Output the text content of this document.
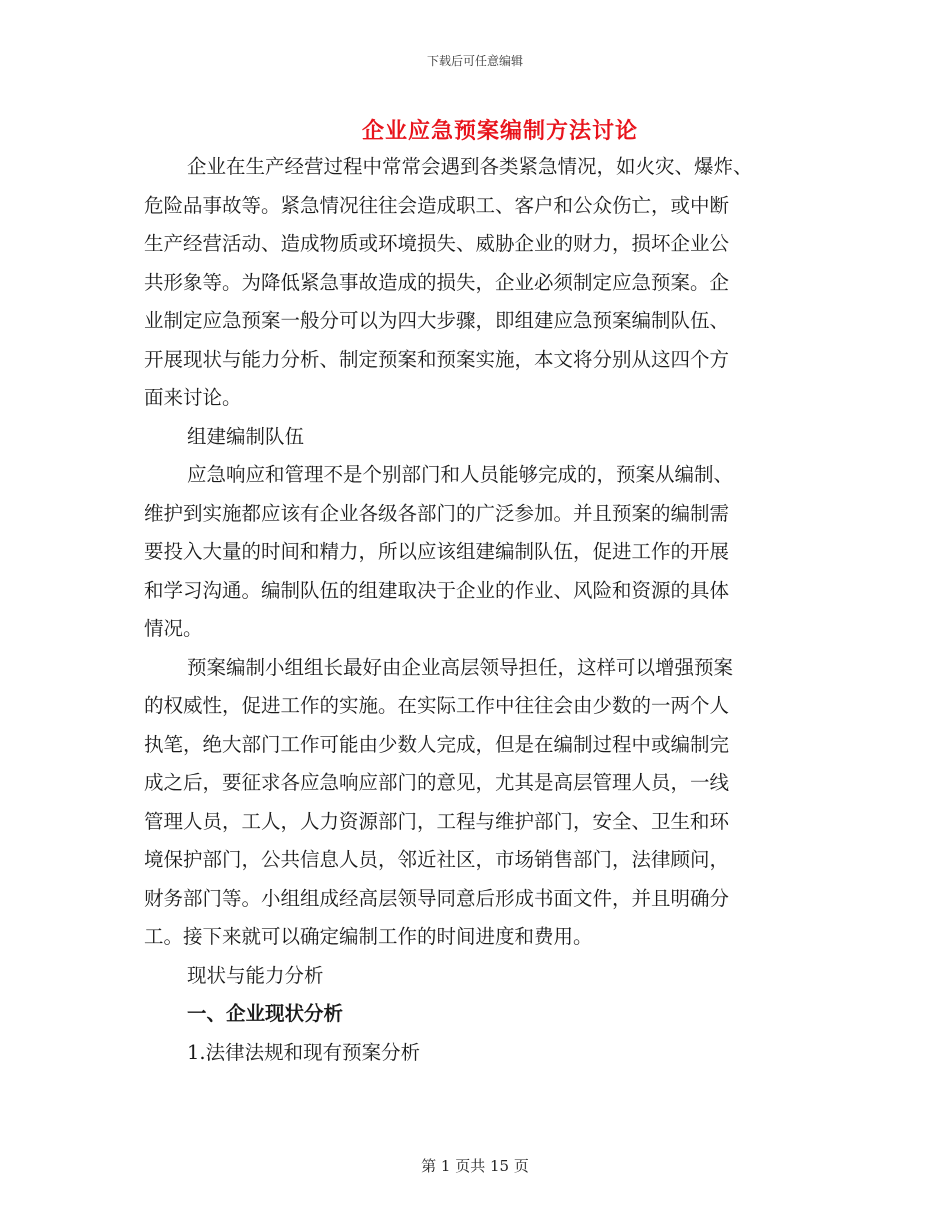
下载后可任意编辑
企业应急预案编制方法讨论
企业在生产经营过程中常常会遇到各类紧急情况，如火灾、爆炸、
危险品事故等。紧急情况往往会造成职工、客户和公众伤亡，或中断
生产经营活动、造成物质或环境损失、威胁企业的财力，损坏企业公
共形象等。为降低紧急事故造成的损失，企业必须制定应急预案。企
业制定应急预案一般分可以为四大步骤，即组建应急预案编制队伍、
开展现状与能力分析、制定预案和预案实施，本文将分别从这四个方
面来讨论。
组建编制队伍
应急响应和管理不是个别部门和人员能够完成的，预案从编制、
维护到实施都应该有企业各级各部门的广泛参加。并且预案的编制需
要投入大量的时间和精力，所以应该组建编制队伍，促进工作的开展
和学习沟通。编制队伍的组建取决于企业的作业、风险和资源的具体
情况。
预案编制小组组长最好由企业高层领导担任，这样可以增强预案
的权威性，促进工作的实施。在实际工作中往往会由少数的一两个人
执笔，绝大部门工作可能由少数人完成，但是在编制过程中或编制完
成之后，要征求各应急响应部门的意见，尤其是高层管理人员，一线
管理人员，工人，人力资源部门，工程与维护部门，安全、卫生和环
境保护部门，公共信息人员，邻近社区，市场销售部门，法律顾问，
财务部门等。小组组成经高层领导同意后形成书面文件，并且明确分
工。接下来就可以确定编制工作的时间进度和费用。
现状与能力分析
一、企业现状分析
1.法律法规和现有预案分析
第 1 页共 15 页
